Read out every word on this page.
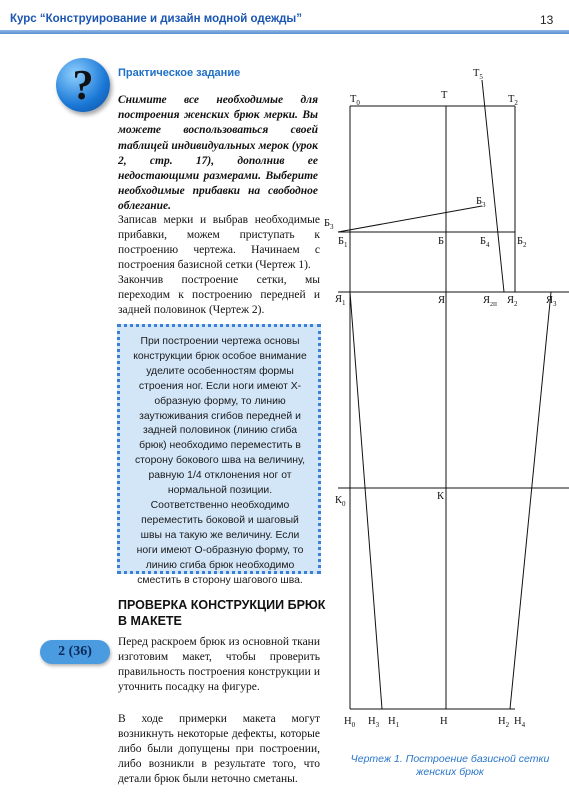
Курс “Конструирование и дизайн модной одежды”	13
?	Практическое задание
Снимите все необходимые для построения женских брюк мерки. Вы можете воспользоваться своей таблицей индивидуальных мерок (урок 2, стр. 17), дополнив ее недостающими размерами. Выберите необходимые прибавки на свободное облегание.
Записав мерки и выбрав необходимые прибавки, можем приступать к построению чертежа. Начинаем с построения базисной сетки (Чертеж 1).
Закончив построение сетки, мы переходим к построению передней и задней половинок (Чертеж 2).
При построении чертежа основы конструкции брюк особое внимание уделите особенностям формы строения ног. Если ноги имеют Х-образную форму, то линию заутюживания сгибов передней и задней половинок (линию сгиба брюк) необходимо переместить в сторону бокового шва на величину, равную 1/4 отклонения ног от нормальной позиции. Соответственно необходимо переместить боковой и шаговый швы на такую же величину. Если ноги имеют О-образную форму, то линию сгиба брюк необходимо сместить в сторону шагового шва.
ПРОВЕРКА КОНСТРУКЦИИ БРЮК В МАКЕТЕ
2 (36)
Перед раскроем брюк из основной ткани изготовим макет, чтобы проверить правильность построения конструкции и уточнить посадку на фигуре.
В ходе примерки макета могут возникнуть некоторые дефекты, которые либо были допущены при построении, либо возникли в результате того, что детали брюк были неточно сметаны.
$Т_0$
Т	$Т_2$
$Т_5$
$Б_3$
$Б_3$
$Б_1$	Б	$Б_4$	$Б_2$
$Я_1$	Я	$Я_{2II}$ $Я_2$	$Я_3$
$К_0$
К
$Н_0$ $Н_3$ $Н_1$	Н	$Н_2$ $Н_4$
Чертеж 1. Построение базисной сетки женских брюк
